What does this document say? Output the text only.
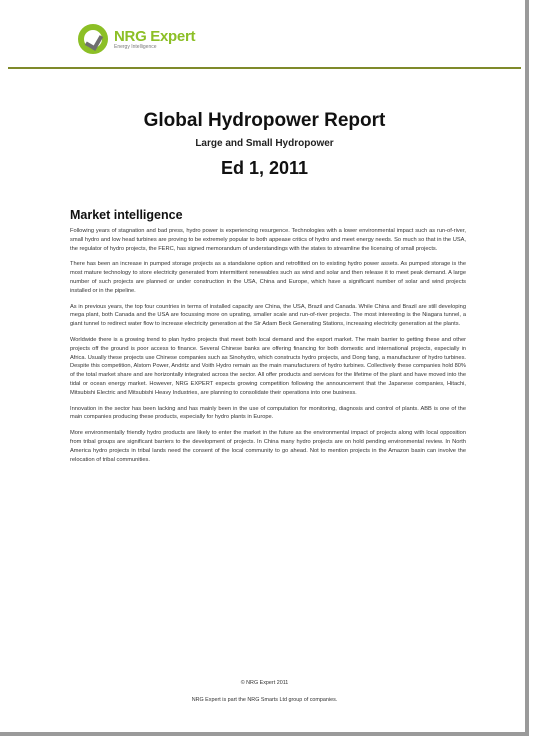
NRG Expert
Energy Intelligence
Global Hydropower Report
Large and Small Hydropower
Ed 1, 2011
Market intelligence

Following years of stagnation and bad press, hydro power is experiencing resurgence. Technologies with a lower environmental impact such as run-of-river, small hydro and low head turbines are proving to be extremely popular to both appease critics of hydro and meet energy needs. So much so that in the USA, the regulator of hydro projects, the FERC, has signed memorandum of understandings with the states to streamline the licensing of small projects.

There has been an increase in pumped storage projects as a standalone option and retrofitted on to existing hydro power assets. As pumped storage is the most mature technology to store electricity generated from intermittent renewables such as wind and solar and then release it to meet peak demand. A large number of such projects are planned or under construction in the USA, China and Europe, which have a significant number of solar and wind projects installed or in the pipeline.

As in previous years, the top four countries in terms of installed capacity are China, the USA, Brazil and Canada. While China and Brazil are still developing mega plant, both Canada and the USA are focussing more on uprating, smaller scale and run-of-river projects. The most interesting is the Niagara tunnel, a giant tunnel to redirect water flow to increase electricity generation at the Sir Adam Beck Generating Stations, increasing electricity generation at the plants.

Worldwide there is a growing trend to plan hydro projects that meet both local demand and the export market. The main barrier to getting these and other projects off the ground is poor access to finance. Several Chinese banks are offering financing for both domestic and international projects, especially in Africa. Usually these projects use Chinese companies such as Sinohydro, which constructs hydro projects, and Dong fang, a manufacturer of hydro turbines. Despite this competition, Alstom Power, Andritz and Voith Hydro remain as the main manufacturers of hydro turbines. Collectively these companies hold 80% of the total market share and are horizontally integrated across the sector. All offer products and services for the lifetime of the plant and have moved into the tidal or ocean energy market. However, NRG EXPERT expects growing competition following the announcement that the Japanese companies, Hitachi, Mitsubishi Electric and Mitsubishi Heavy Industries, are planning to consolidate their operations into one business.

Innovation in the sector has been lacking and has mainly been in the use of computation for monitoring, diagnosis and control of plants. ABB is one of the main companies producing these products, especially for hydro plants in Europe.

More environmentally friendly hydro products are likely to enter the market in the future as the environmental impact of projects along with local opposition from tribal groups are significant barriers to the development of projects. In China many hydro projects are on hold pending environmental review. In North America hydro projects in tribal lands need the consent of the local community to go ahead. Not to mention projects in the Amazon basin can involve the relocation of tribal communities.

© NRG Expert 2011
NRG Expert is part the NRG Smarts Ltd group of companies.
